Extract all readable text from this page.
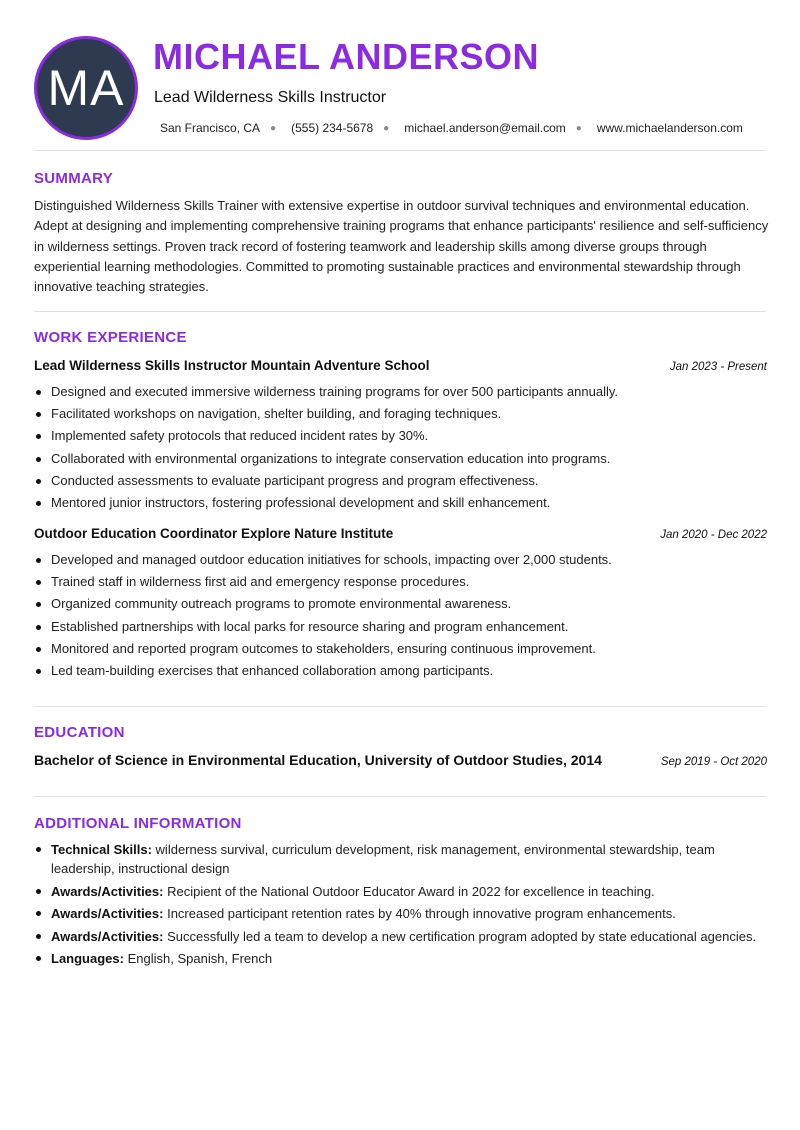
MA
MICHAEL ANDERSON
Lead Wilderness Skills Instructor
San Francisco, CA ● (555) 234-5678 ● michael.anderson@email.com ● www.michaelanderson.com
SUMMARY

Distinguished Wilderness Skills Trainer with extensive expertise in outdoor survival techniques and environmental education. Adept at designing and implementing comprehensive training programs that enhance participants' resilience and self-sufficiency in wilderness settings. Proven track record of fostering teamwork and leadership skills among diverse groups through experiential learning methodologies. Committed to promoting sustainable practices and environmental stewardship through innovative teaching strategies.

WORK EXPERIENCE
Lead Wilderness Skills Instructor Mountain Adventure School	Jan 2023 - Present
Designed and executed immersive wilderness training programs for over 500 participants annually.
Facilitated workshops on navigation, shelter building, and foraging techniques.
Implemented safety protocols that reduced incident rates by 30%.
Collaborated with environmental organizations to integrate conservation education into programs.
Conducted assessments to evaluate participant progress and program effectiveness.
Mentored junior instructors, fostering professional development and skill enhancement.
Outdoor Education Coordinator Explore Nature Institute	Jan 2020 - Dec 2022
Developed and managed outdoor education initiatives for schools, impacting over 2,000 students.
Trained staff in wilderness first aid and emergency response procedures.
Organized community outreach programs to promote environmental awareness.
Established partnerships with local parks for resource sharing and program enhancement.
Monitored and reported program outcomes to stakeholders, ensuring continuous improvement.
Led team-building exercises that enhanced collaboration among participants.
EDUCATION
Bachelor of Science in Environmental Education, University of Outdoor Studies, 2014	Sep 2019 - Oct 2020
ADDITIONAL INFORMATION
Technical Skills: wilderness survival, curriculum development, risk management, environmental stewardship, team leadership, instructional design
Awards/Activities: Recipient of the National Outdoor Educator Award in 2022 for excellence in teaching.
Awards/Activities: Increased participant retention rates by 40% through innovative program enhancements.
Awards/Activities: Successfully led a team to develop a new certification program adopted by state educational agencies.
Languages: English, Spanish, French
